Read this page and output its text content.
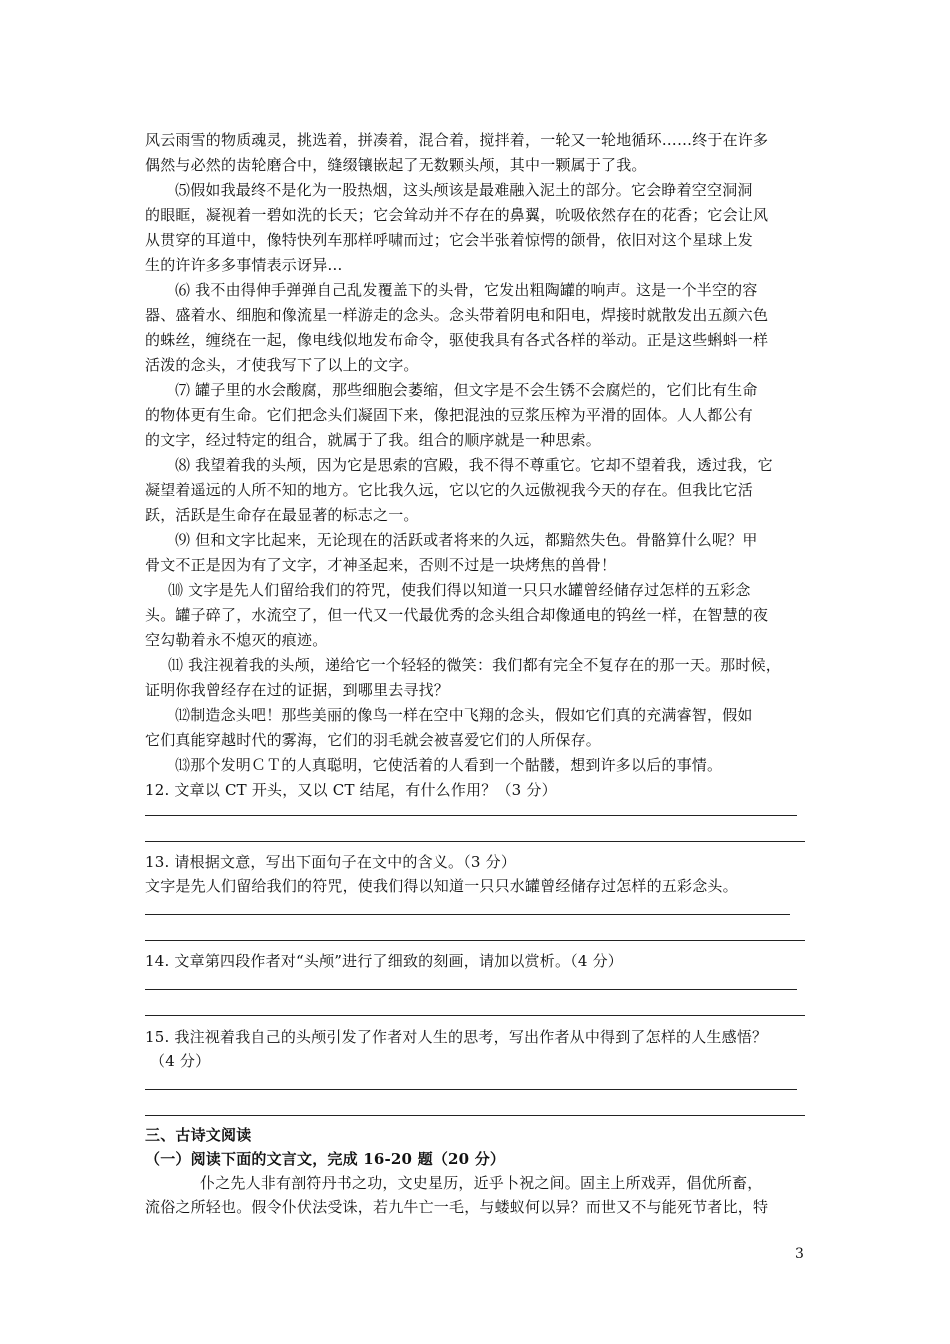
风云雨雪的物质魂灵，挑选着，拼凑着，混合着，搅拌着，一轮又一轮地循环……终于在许多
偶然与必然的齿轮磨合中，缝缀镶嵌起了无数颗头颅，其中一颗属于了我。
⑸假如我最终不是化为一股热烟，这头颅该是最难融入泥土的部分。它会睁着空空洞洞
的眼眶，凝视着一碧如洗的长天；它会耸动并不存在的鼻翼，吮吸依然存在的花香；它会让风
从贯穿的耳道中，像特快列车那样呼啸而过；它会半张着惊愕的颌骨，依旧对这个星球上发
生的许许多多事情表示讶异…
⑹ 我不由得伸手弹弹自己乱发覆盖下的头骨，它发出粗陶罐的响声。这是一个半空的容
器、盛着水、细胞和像流星一样游走的念头。念头带着阴电和阳电，焊接时就散发出五颜六色
的蛛丝，缠绕在一起，像电线似地发布命令，驱使我具有各式各样的举动。正是这些蝌蚪一样
活泼的念头，才使我写下了以上的文字。
⑺ 罐子里的水会酸腐，那些细胞会萎缩，但文字是不会生锈不会腐烂的，它们比有生命
的物体更有生命。它们把念头们凝固下来，像把混浊的豆浆压榨为平滑的固体。人人都公有
的文字，经过特定的组合，就属于了我。组合的顺序就是一种思索。
⑻ 我望着我的头颅，因为它是思索的宫殿，我不得不尊重它。它却不望着我，透过我，它
凝望着遥远的人所不知的地方。它比我久远，它以它的久远傲视我今天的存在。但我比它活
跃，活跃是生命存在最显著的标志之一。
⑼ 但和文字比起来，无论现在的活跃或者将来的久远，都黯然失色。骨骼算什么呢？甲
骨文不正是因为有了文字，才神圣起来，否则不过是一块烤焦的兽骨！
⑽ 文字是先人们留给我们的符咒，使我们得以知道一只只水罐曾经储存过怎样的五彩念
头。罐子碎了，水流空了，但一代又一代最优秀的念头组合却像通电的钨丝一样，在智慧的夜
空勾勒着永不熄灭的痕迹。
⑾ 我注视着我的头颅，递给它一个轻轻的微笑：我们都有完全不复存在的那一天。那时候，
证明你我曾经存在过的证据，到哪里去寻找？
⑿制造念头吧！那些美丽的像鸟一样在空中飞翔的念头，假如它们真的充满睿智，假如
它们真能穿越时代的雾海，它们的羽毛就会被喜爱它们的人所保存。
⒀那个发明ＣＴ的人真聪明，它使活着的人看到一个骷髅，想到许多以后的事情。
12. 文章以 CT 开头，又以 CT 结尾，有什么作用？（3 分）
13. 请根据文意，写出下面句子在文中的含义。（3 分）
文字是先人们留给我们的符咒，使我们得以知道一只只水罐曾经储存过怎样的五彩念头。
14. 文章第四段作者对“头颅”进行了细致的刻画，请加以赏析。（4 分）
15. 我注视着我自己的头颅引发了作者对人生的思考，写出作者从中得到了怎样的人生感悟？
（4 分）
三、古诗文阅读
（一）阅读下面的文言文，完成 16-20 题（20 分）
仆之先人非有剖符丹书之功，文史星历，近乎卜祝之间。固主上所戏弄，倡优所畜，
流俗之所轻也。假令仆伏法受诛，若九牛亡一毛，与蝼蚁何以异？而世又不与能死节者比，特
3
